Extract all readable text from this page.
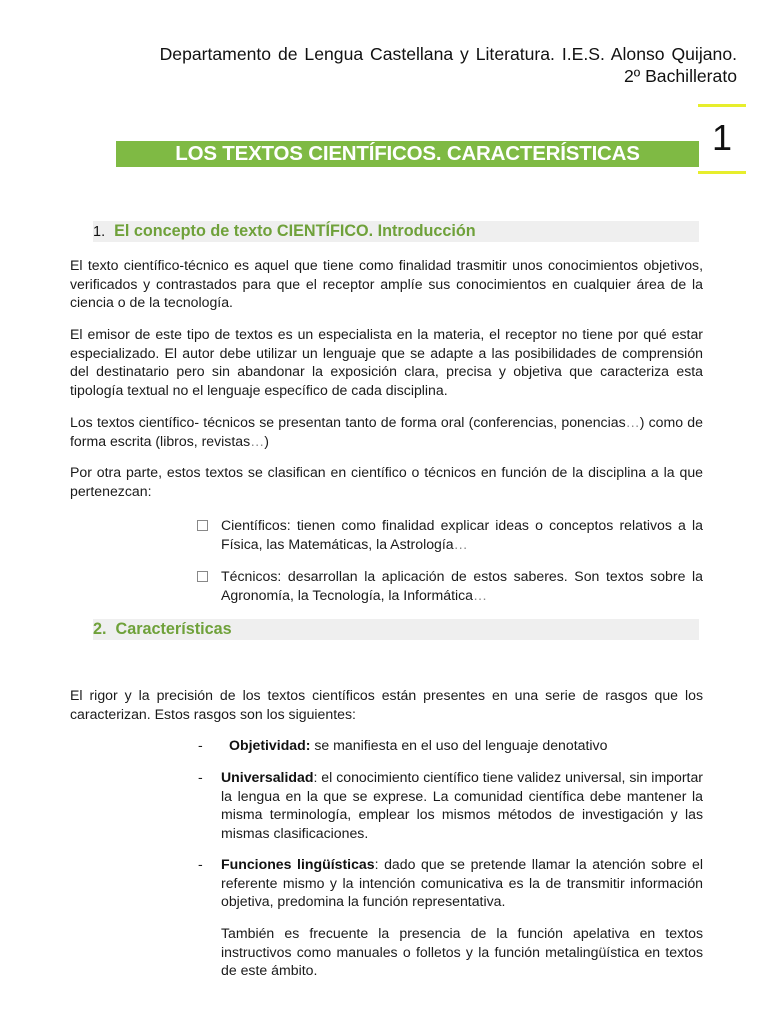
Departamento de Lengua Castellana y Literatura. I.E.S. Alonso Quijano.
2º Bachillerato
1
LOS TEXTOS CIENTÍFICOS. CARACTERÍSTICAS
1. El concepto de texto CIENTÍFICO. Introducción
El texto científico-técnico es aquel que tiene como finalidad trasmitir unos conocimientos objetivos, verificados y contrastados para que el receptor amplíe sus conocimientos en cualquier área de la ciencia o de la tecnología.
El emisor de este tipo de textos es un especialista en la materia, el receptor no tiene por qué estar especializado. El autor debe utilizar un lenguaje que se adapte a las posibilidades de comprensión del destinatario pero sin abandonar la exposición clara, precisa y objetiva que caracteriza esta tipología textual no el lenguaje específico de cada disciplina.
Los textos científico- técnicos se presentan tanto de forma oral (conferencias, ponencias…) como de forma escrita (libros, revistas…)
Por otra parte, estos textos se clasifican en científico o técnicos en función de la disciplina a la que pertenezcan:
Científicos: tienen como finalidad explicar ideas o conceptos relativos a la Física, las Matemáticas, la Astrología…
Técnicos: desarrollan la aplicación de estos saberes. Son textos sobre la Agronomía, la Tecnología, la Informática…
2. Características
El rigor y la precisión de los textos científicos están presentes en una serie de rasgos que los caracterizan. Estos rasgos son los siguientes:
- Objetividad: se manifiesta en el uso del lenguaje denotativo
- Universalidad: el conocimiento científico tiene validez universal, sin importar la lengua en la que se exprese. La comunidad científica debe mantener la misma terminología, emplear los mismos métodos de investigación y las mismas clasificaciones.
- Funciones lingüísticas: dado que se pretende llamar la atención sobre el referente mismo y la intención comunicativa es la de transmitir información objetiva, predomina la función representativa.
También es frecuente la presencia de la función apelativa en textos instructivos como manuales o folletos y la función metalingüística en textos de este ámbito.
